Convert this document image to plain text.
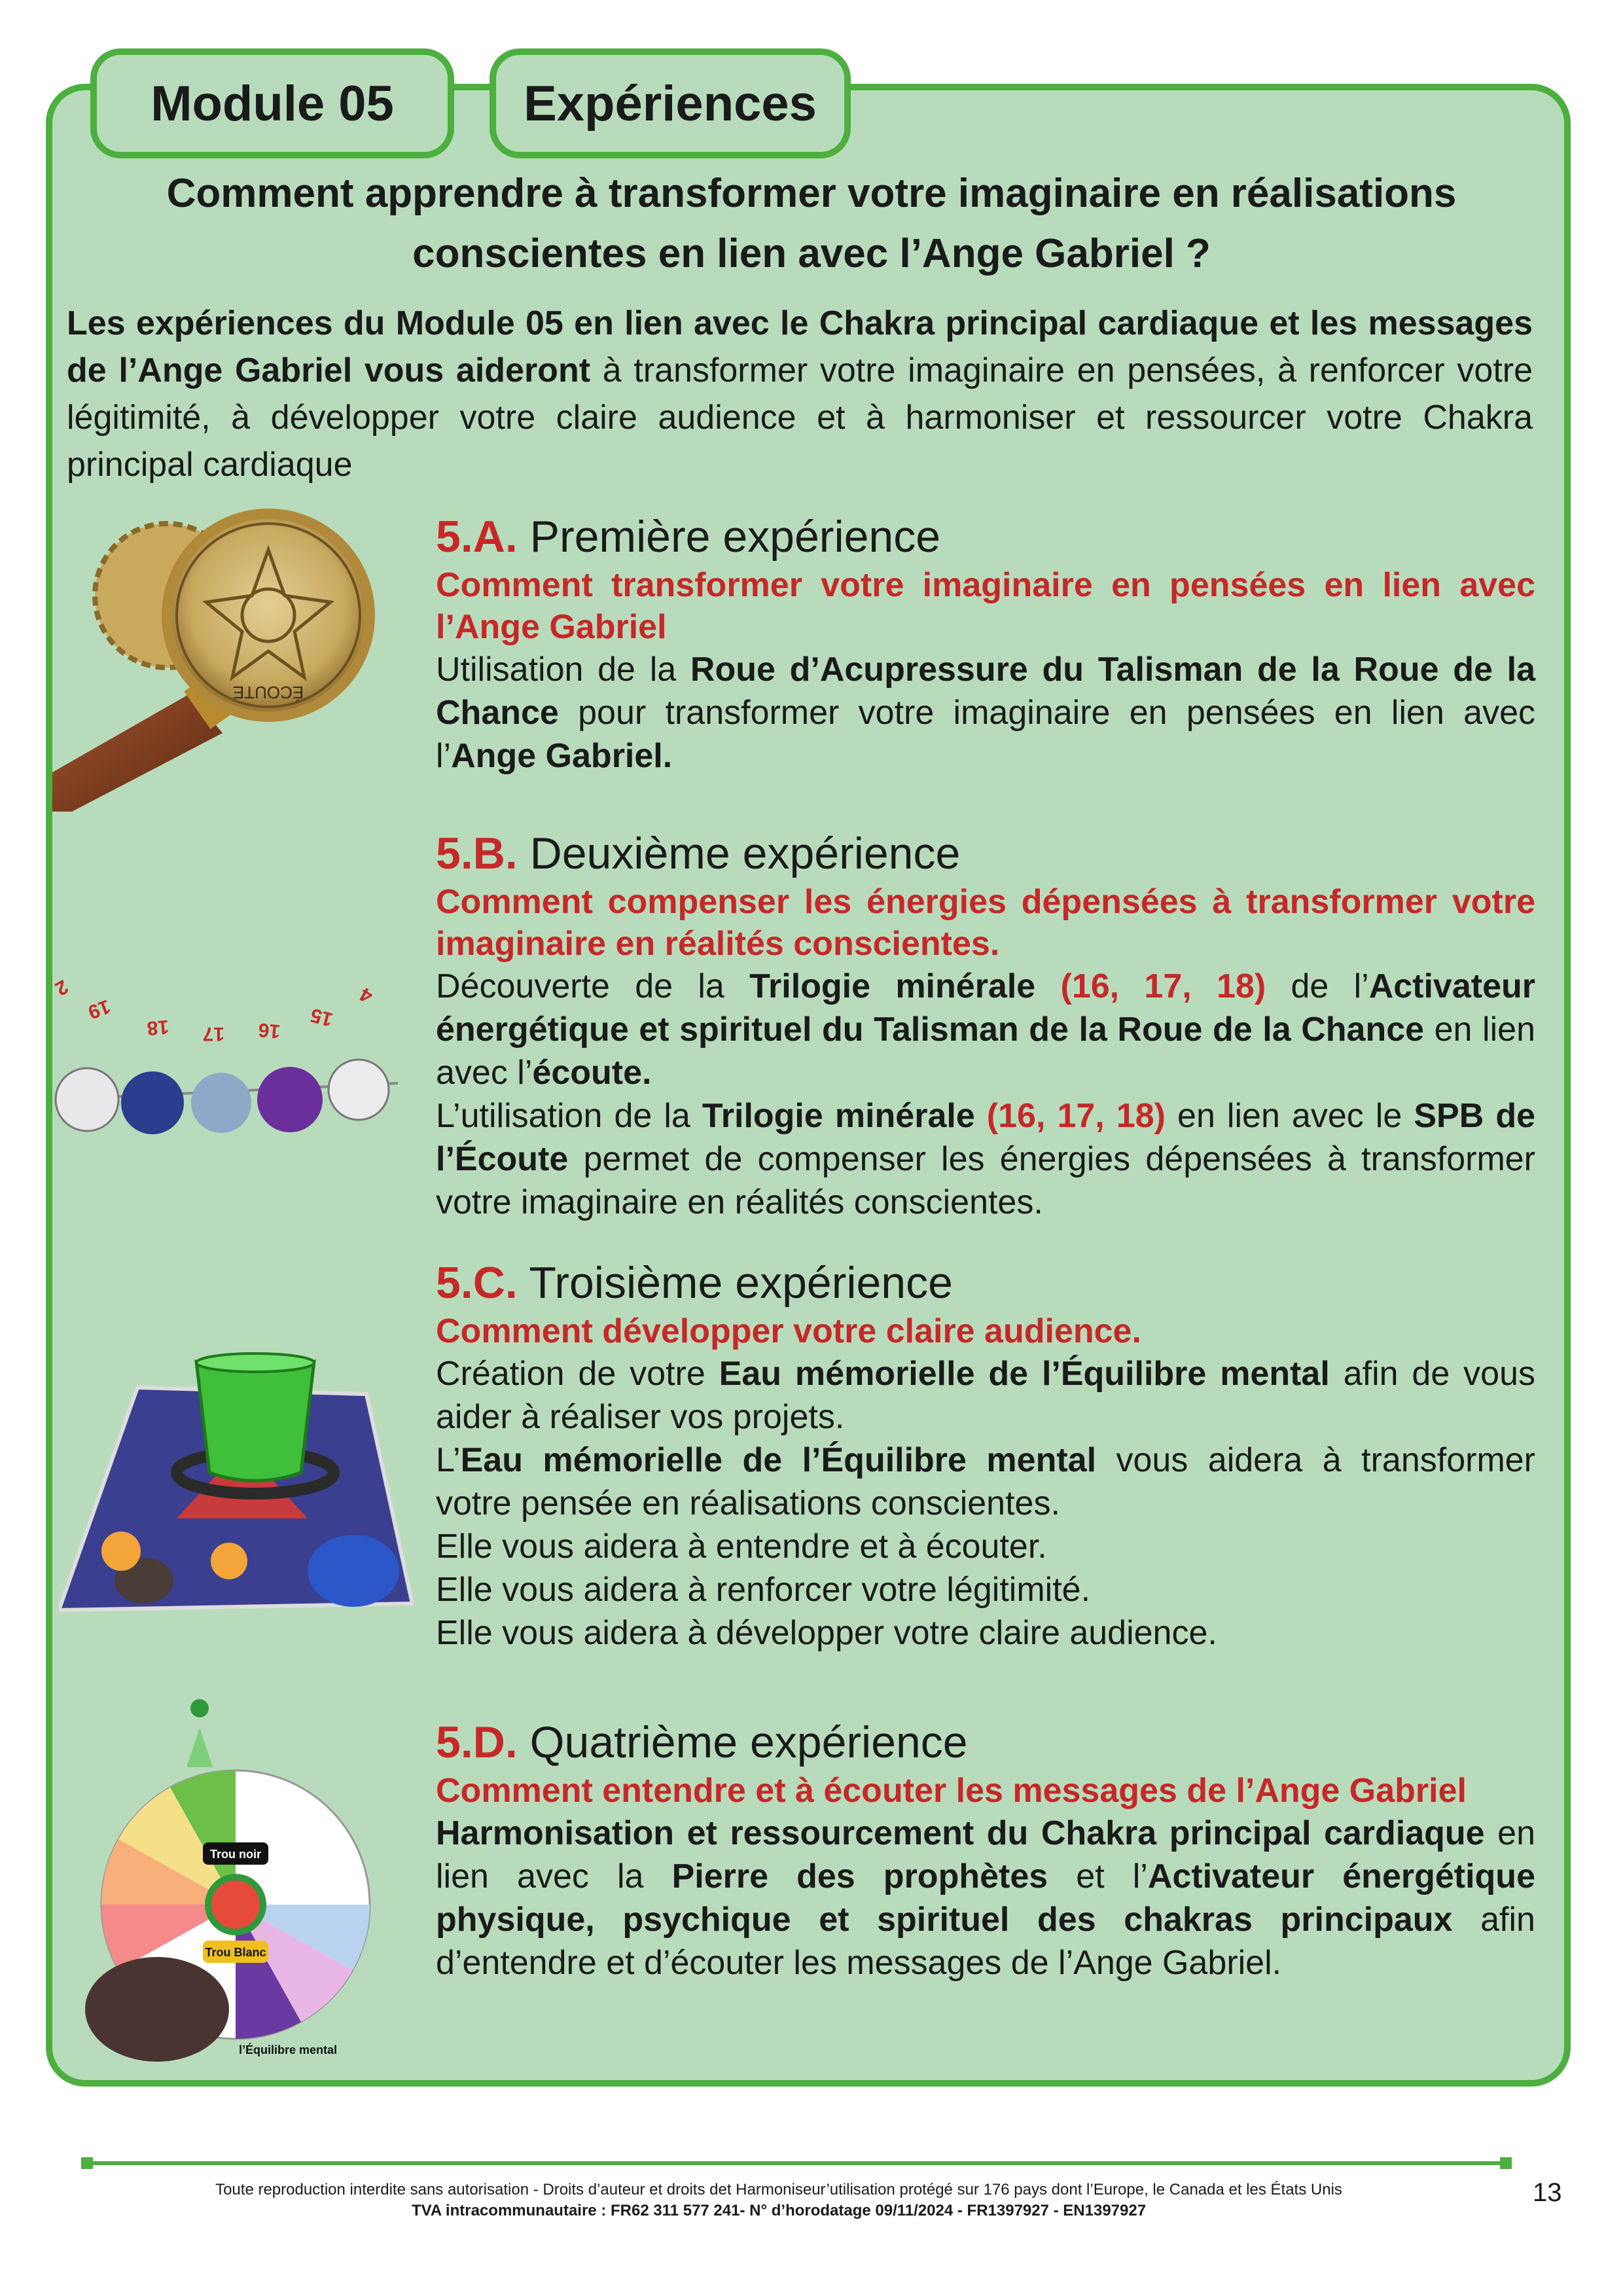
Module 05	Expériences
Comment apprendre à transformer votre imaginaire en réalisations
conscientes en lien avec l’Ange Gabriel ?
Les expériences du Module 05 en lien avec le Chakra principal cardiaque et les messages de l’Ange Gabriel vous aideront à transformer votre imaginaire en pensées, à renforcer votre légitimité, à développer votre claire audience et à harmoniser et ressourcer votre Chakra principal cardiaque
ÉCOUTE
19
18 17 16
15
4
2
Trou noir
Trou Blanc
l’Équilibre mental
5.A. Première expérience
Comment transformer votre imaginaire en pensées en lien avec l’Ange Gabriel
Utilisation de la Roue d’Acupressure du Talisman de la Roue de la Chance pour transformer votre imaginaire en pensées en lien avec l’Ange Gabriel.
5.B. Deuxième expérience
Comment compenser les énergies dépensées à transformer votre imaginaire en réalités conscientes.
Découverte de la Trilogie minérale (16, 17, 18) de l’Activateur énergétique et spirituel du Talisman de la Roue de la Chance en lien avec l’écoute.
L’utilisation de la Trilogie minérale (16, 17, 18) en lien avec le SPB de l’Écoute permet de compenser les énergies dépensées à transformer votre imaginaire en réalités conscientes.
5.C. Troisième expérience
Comment développer votre claire audience.
Création de votre Eau mémorielle de l’Équilibre mental afin de vous aider à réaliser vos projets.
L’Eau mémorielle de l’Équilibre mental vous aidera à transformer votre pensée en réalisations conscientes.
Elle vous aidera à entendre et à écouter.
Elle vous aidera à renforcer votre légitimité.
Elle vous aidera à développer votre claire audience.
5.D. Quatrième expérience
Comment entendre et à écouter les messages de l’Ange Gabriel
Harmonisation et ressourcement du Chakra principal cardiaque en lien avec la Pierre des prophètes et l’Activateur énergétique physique, psychique et spirituel des chakras principaux afin d’entendre et d’écouter les messages de l’Ange Gabriel.
Toute reproduction interdite sans autorisation - Droits d’auteur et droits det Harmoniseur’utilisation protégé sur 176 pays dont l’Europe, le Canada et les États Unis
TVA intracommunautaire : FR62 311 577 241- N° d’horodatage 09/11/2024 - FR1397927 - EN1397927
13
